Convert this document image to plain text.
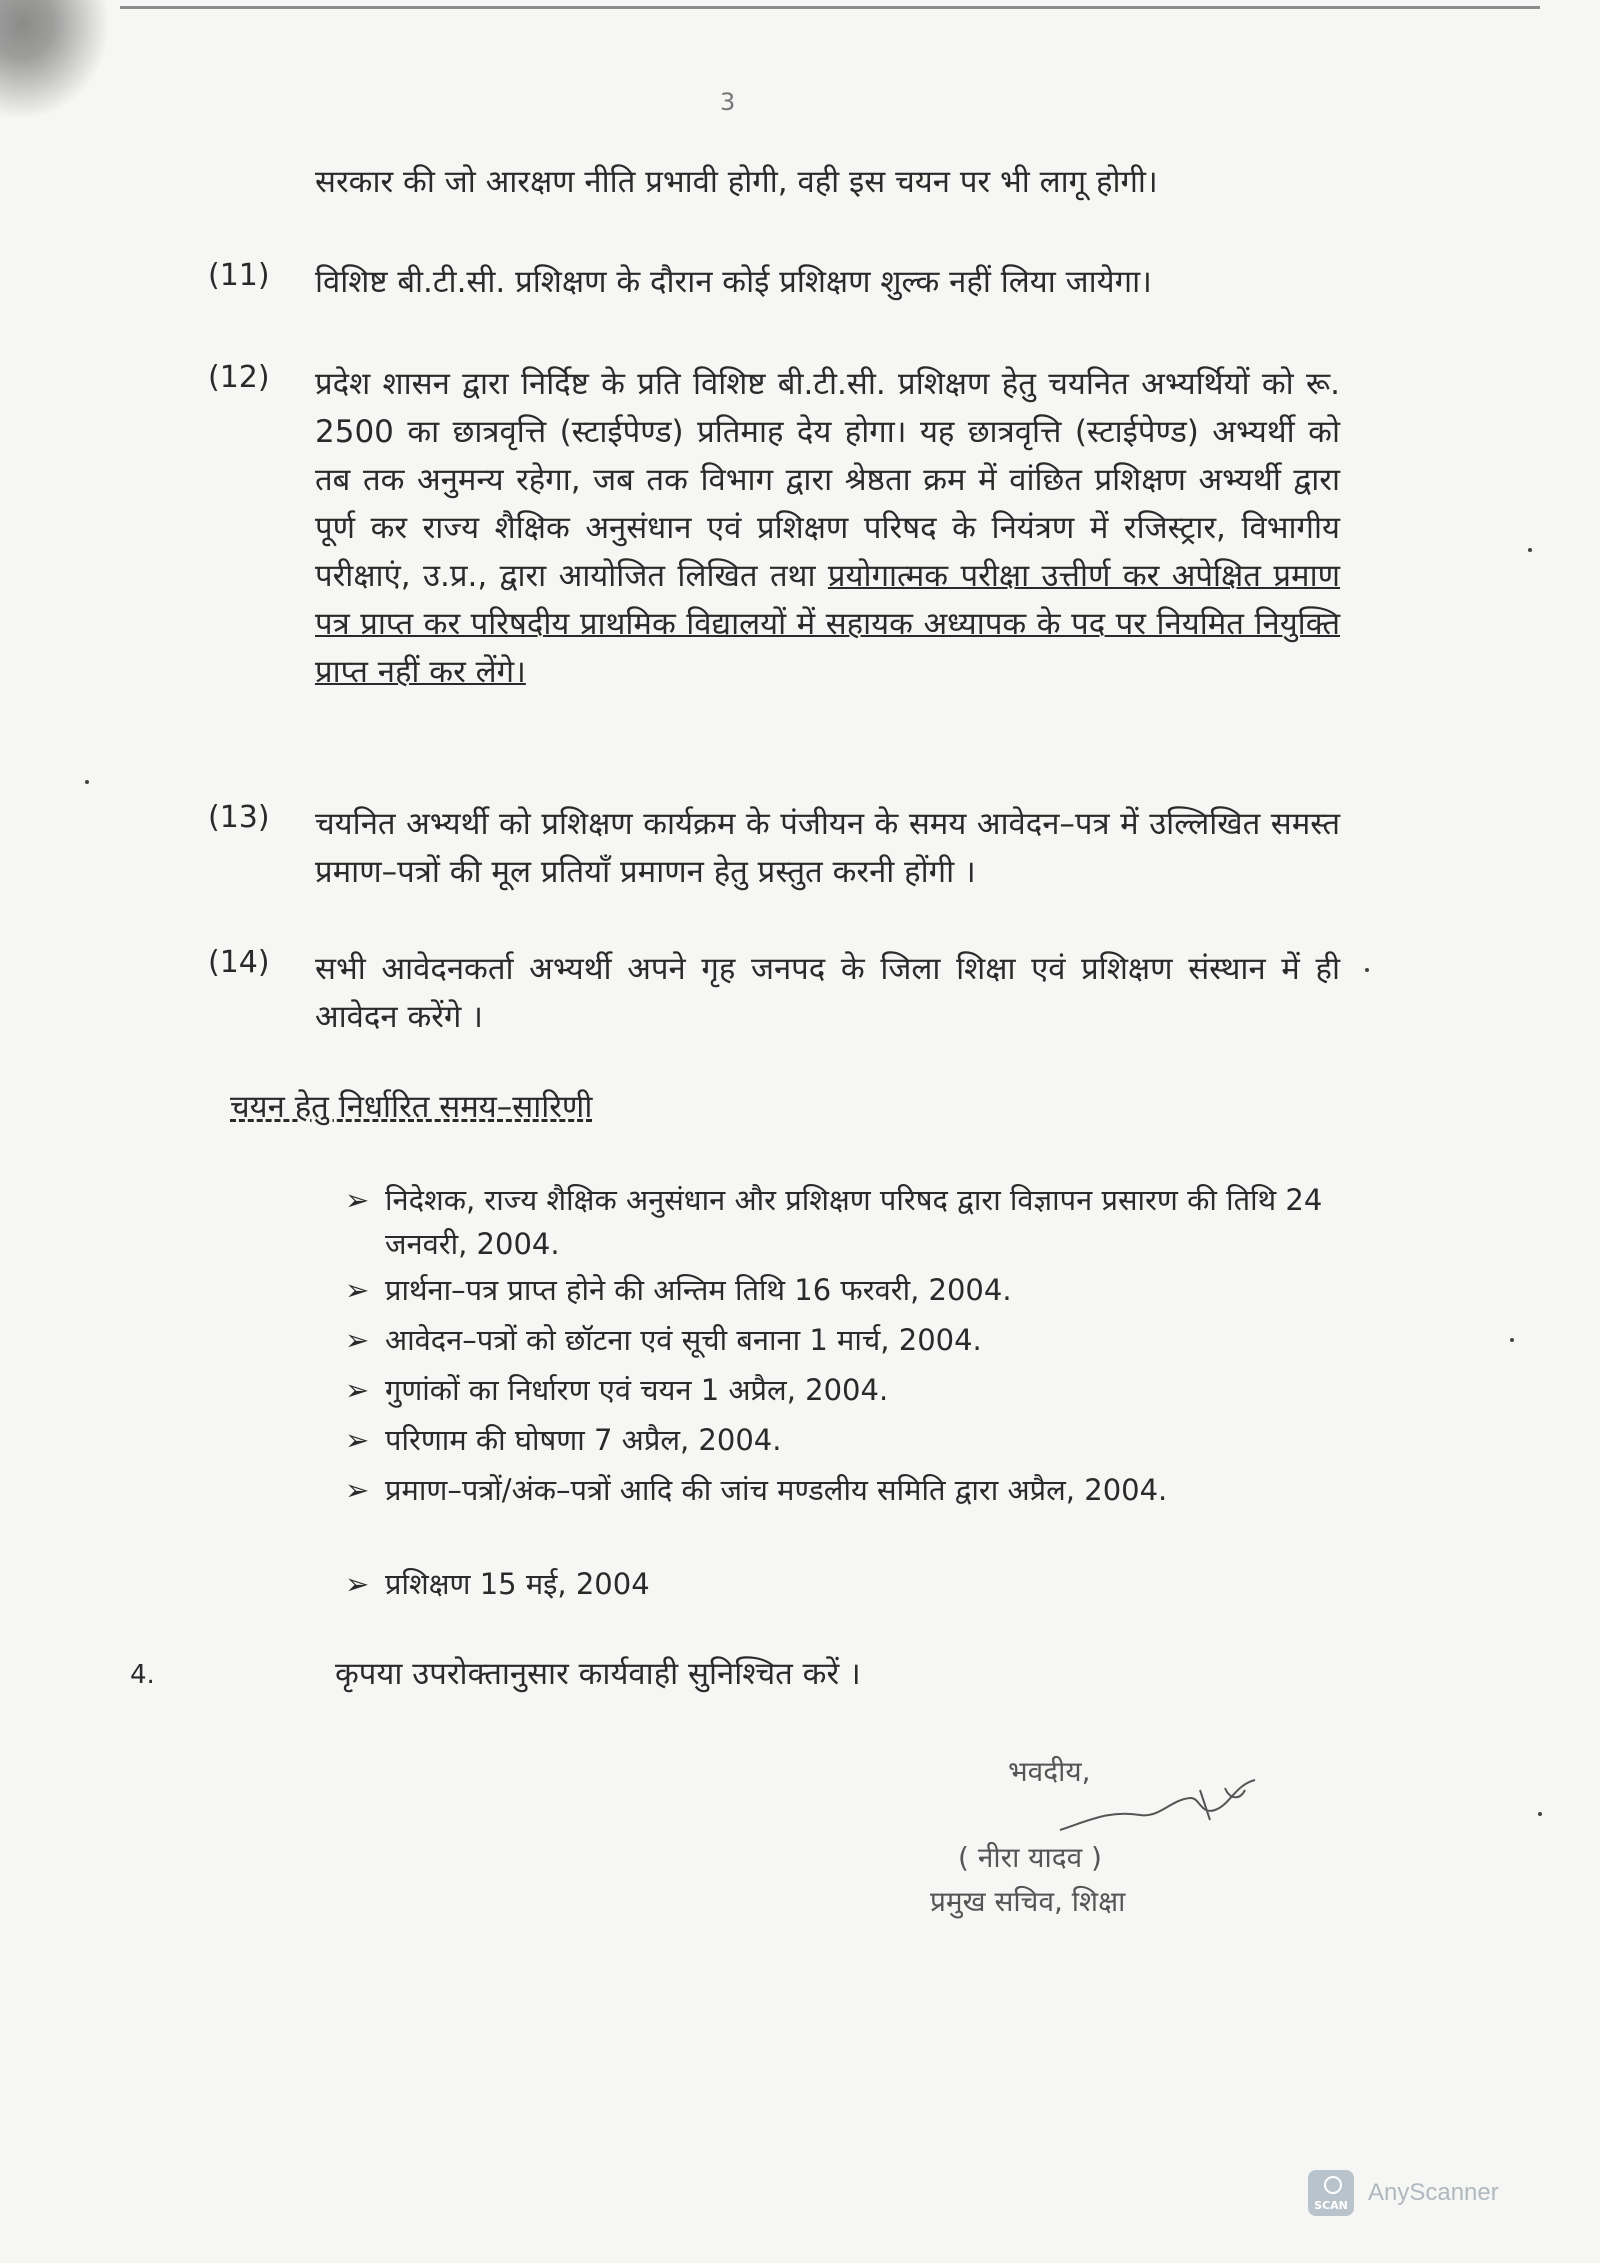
3
सरकार की जो आरक्षण नीति प्रभावी होगी, वही इस चयन पर भी लागू होगी।
(11) विशिष्ट बी.टी.सी. प्रशिक्षण के दौरान कोई प्रशिक्षण शुल्क नहीं लिया जायेगा।
(12) प्रदेश शासन द्वारा निर्दिष्ट के प्रति विशिष्ट बी.टी.सी. प्रशिक्षण हेतु चयनित अभ्यर्थियों को रू. 2500 का छात्रवृत्ति (स्टाईपेण्ड) प्रतिमाह देय होगा। यह छात्रवृत्ति (स्टाईपेण्ड) अभ्यर्थी को तब तक अनुमन्य रहेगा, जब तक विभाग द्वारा श्रेष्ठता क्रम में वांछित प्रशिक्षण अभ्यर्थी द्वारा पूर्ण कर राज्य शैक्षिक अनुसंधान एवं प्रशिक्षण परिषद के नियंत्रण में रजिस्ट्रार, विभागीय परीक्षाएं, उ.प्र., द्वारा आयोजित लिखित तथा प्रयोगात्मक परीक्षा उत्तीर्ण कर अपेक्षित प्रमाण पत्र प्राप्त कर परिषदीय प्राथमिक विद्यालयों में सहायक अध्यापक के पद पर नियमित नियुक्ति प्राप्त नहीं कर लेंगे।
(13) चयनित अभ्यर्थी को प्रशिक्षण कार्यक्रम के पंजीयन के समय आवेदन–पत्र में उल्लिखित समस्त प्रमाण–पत्रों की मूल प्रतियाँ प्रमाणन हेतु प्रस्तुत करनी होंगी ।
(14) सभी आवेदनकर्ता अभ्यर्थी अपने गृह जनपद के जिला शिक्षा एवं प्रशिक्षण संस्थान में ही आवेदन करेंगे ।
चयन हेतु निर्धारित समय–सारिणी
➢ निदेशक, राज्य शैक्षिक अनुसंधान और प्रशिक्षण परिषद द्वारा विज्ञापन प्रसारण की तिथि 24 जनवरी, 2004.
➢ प्रार्थना–पत्र प्राप्त होने की अन्तिम तिथि 16 फरवरी, 2004.
➢ आवेदन–पत्रों को छॉटना एवं सूची बनाना 1 मार्च, 2004.
➢ गुणांकों का निर्धारण एवं चयन 1 अप्रैल, 2004.
➢ परिणाम की घोषणा 7 अप्रैल, 2004.
➢ प्रमाण–पत्रों/अंक–पत्रों आदि की जांच मण्डलीय समिति द्वारा अप्रैल, 2004.
➢ प्रशिक्षण 15 मई, 2004
4.	कृपया उपरोक्तानुसार कार्यवाही सुनिश्चित करें ।
भवदीय,
( नीरा यादव )
प्रमुख सचिव, शिक्षा
SCAN AnyScanner
